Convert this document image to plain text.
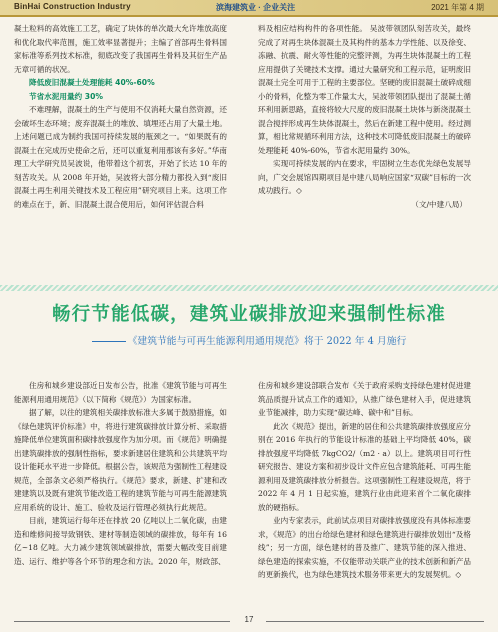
BinHai Construction Industry	滨海建筑业 · 企业关注	2021 年第 4 期

凝土粒料的高效施工工艺，确定了块体的单次最大允许堆放高度和优化取代率范围，施工效率显著提升；主编了首部再生骨料国家标准等系列技术标准，彻底改变了我国再生骨料及其衍生产品无章可循的状况。

降低废旧混凝土处理能耗 40%-60%

节省水泥用量约 30%

不难理解，混凝土的生产与使用不仅消耗大量自然资源，还会破坏生态环境；废弃混凝土的堆放、填埋还占用了大量土地。上述问题已成为制约我国可持续发展的瓶颈之一。“如果既有的混凝土在完成历史使命之后，还可以重复利用那该有多好。”华南理工大学研究员吴波说，他带着这个初衷，开始了长达 10 年的刻苦攻关。从 2008 年开始，吴波将大部分精力都投入到“废旧混凝土再生利用关键技术及工程应用”研究项目上来。这项工作的难点在于，新、旧混凝土混合使用后，如何评估混合料

料及相应结构构件的各项性能。 吴波带领团队刻苦攻关，最终完成了对再生块体混凝土及其构件的基本力学性能、以及徐变、冻融、抗震、耐火等性能的完整评测，为再生块体混凝土的工程应用提供了关键技术支撑。通过大量研究和工程示范，证明废旧混凝土完全可用于工程的主要部位。坚硬的废旧混凝土破碎成细小的骨料，化整为零工作量太大，吴波带领团队提出了混凝土循环利用新思路，直接将较大尺度的废旧混凝土块体与新浇混凝土混合搅拌形成再生块体混凝土，然后在新建工程中使用。经过测算，相比常规循环利用方法，这种技术可降低废旧混凝土的破碎处理能耗 40%-60%，节省水泥用量约 30%。

实现可持续发展的内在要求，牢固树立生态优先绿色发展导向，广交会展馆四期项目是中建八局响应国家“双碳”目标的一次成功践行。◇

（文/中建八局）

畅行节能低碳，建筑业碳排放迎来强制性标准
《建筑节能与可再生能源利用通用规范》将于 2022 年 4 月施行

住房和城乡建设部近日发布公告，批准《建筑节能与可再生能源利用通用规范》（以下简称《规范》）为国家标准。

据了解，以往的建筑相关碳排放标准大多属于鼓励措施，如《绿色建筑评价标准》中，将进行建筑碳排放计算分析、采取措施降低单位建筑面积碳排放强度作为加分项。而《规范》明确提出建筑碳排放的强制性指标，要求新建居住建筑和公共建筑平均设计能耗水平进一步降低。根据公告，该规范为强制性工程建设规范，全部条文必须严格执行。《规范》要求，新建、扩建和改建建筑以及既有建筑节能改造工程的建筑节能与可再生能源建筑应用系统的设计、施工、验收及运行管理必须执行此规范。

目前，建筑运行每年还在排放 20 亿吨以上二氧化碳，由建造和维修间接导致钢铁、建材等制造领域的碳排放，每年有 16 亿~18 亿吨。大力减少建筑领域碳排放，需要大幅改变目前建造、运行、维护等各个环节的理念和方法。2020 年，财政部、

住房和城乡建设部联合发布《关于政府采购支持绿色建材促进建筑品质提升试点工作的通知》，从推广绿色建材入手，促进建筑业节能减排，助力实现“碳达峰、碳中和”目标。

此次《规范》提出，新建的居住和公共建筑碳排放强度应分别在 2016 年执行的节能设计标准的基础上平均降低 40%，碳排放强度平均降低 7kgCO2/（m2 · a）以上。建筑项目可行性研究报告、建设方案和初步设计文件应包含建筑能耗、可再生能源利用及建筑碳排放分析报告。这项强制性工程建设规范，将于 2022 年 4 月 1 日起实施，建筑行业由此迎来首个二氧化碳排放的硬指标。

业内专家表示，此前试点项目对碳排放强度没有具体标准要求，《规范》的出台给绿色建材和绿色建筑进行碳排放划出“及格线”；另一方面，绿色建材的普及推广、建筑节能的深入推进、绿色建造的探索实施，不仅能带动关联产业的技术创新和新产品的更新换代，也为绿色建筑技术服务带来更大的发展契机。◇

17
